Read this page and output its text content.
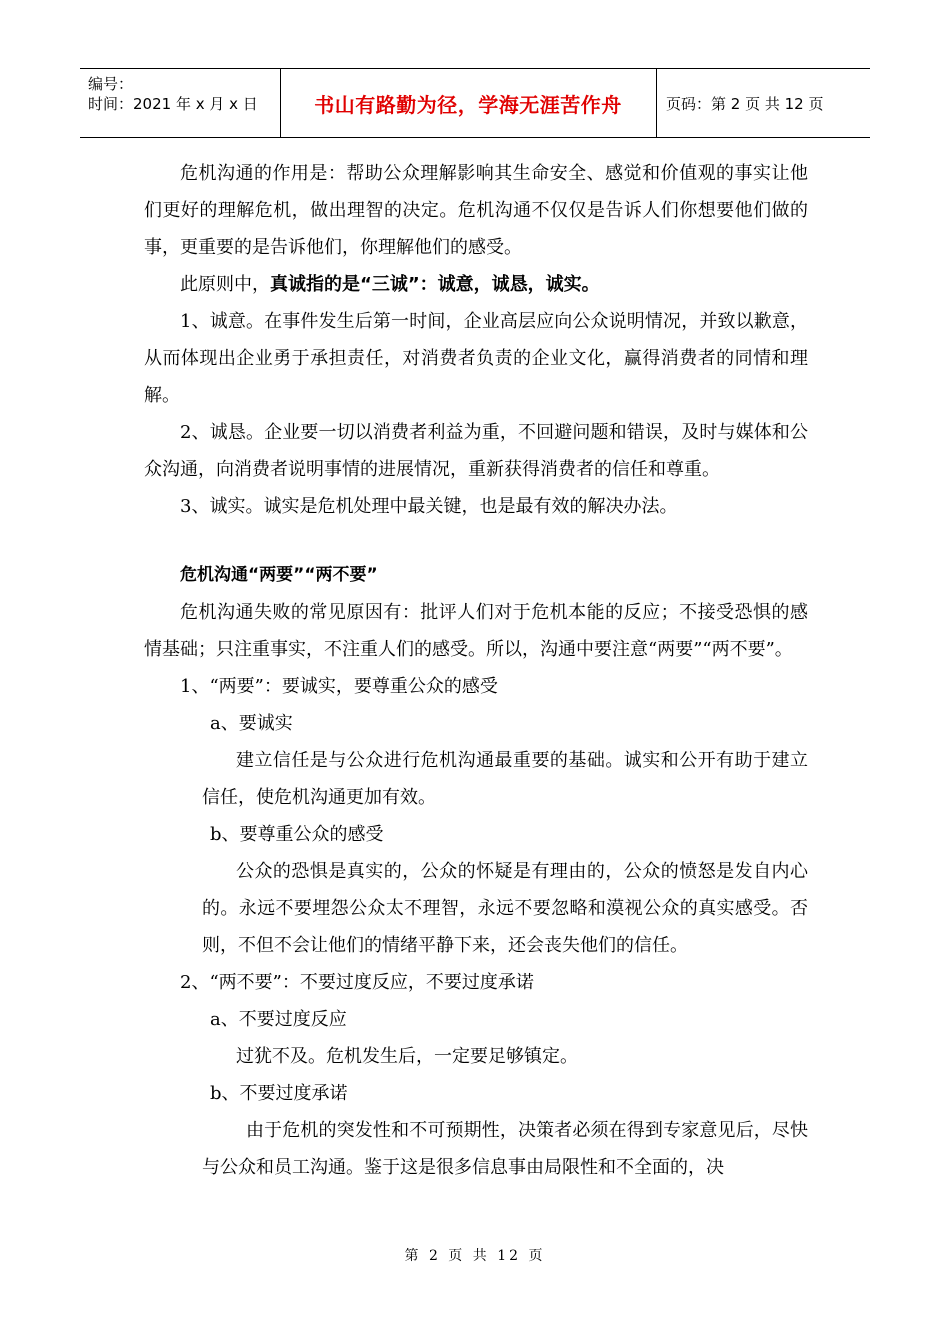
编号：
时间：2021 年 x 月 x 日	书山有路勤为径，学海无涯苦作舟	页码：第 2 页 共 12 页

危机沟通的作用是：帮助公众理解影响其生命安全、感觉和价值观的事实让他们更好的理解危机，做出理智的决定。危机沟通不仅仅是告诉人们你想要他们做的事，更重要的是告诉他们，你理解他们的感受。

此原则中，真诚指的是“三诚”：诚意，诚恳，诚实。

1、诚意。在事件发生后第一时间，企业高层应向公众说明情况，并致以歉意，从而体现出企业勇于承担责任，对消费者负责的企业文化，赢得消费者的同情和理解。

2、诚恳。企业要一切以消费者利益为重，不回避问题和错误，及时与媒体和公众沟通，向消费者说明事情的进展情况，重新获得消费者的信任和尊重。

3、诚实。诚实是危机处理中最关键，也是最有效的解决办法。

危机沟通“两要”“两不要”

危机沟通失败的常见原因有：批评人们对于危机本能的反应；不接受恐惧的感情基础；只注重事实，不注重人们的感受。所以，沟通中要注意“两要”“两不要”。

1、“两要”：要诚实，要尊重公众的感受

a、要诚实

建立信任是与公众进行危机沟通最重要的基础。诚实和公开有助于建立信任，使危机沟通更加有效。

b、要尊重公众的感受

公众的恐惧是真实的，公众的怀疑是有理由的，公众的愤怒是发自内心的。永远不要埋怨公众太不理智，永远不要忽略和漠视公众的真实感受。否则，不但不会让他们的情绪平静下来，还会丧失他们的信任。

2、“两不要”：不要过度反应，不要过度承诺

a、不要过度反应

过犹不及。危机发生后，一定要足够镇定。

b、不要过度承诺

由于危机的突发性和不可预期性，决策者必须在得到专家意见后，尽快与公众和员工沟通。鉴于这是很多信息事由局限性和不全面的，决

第 2 页 共 12 页
